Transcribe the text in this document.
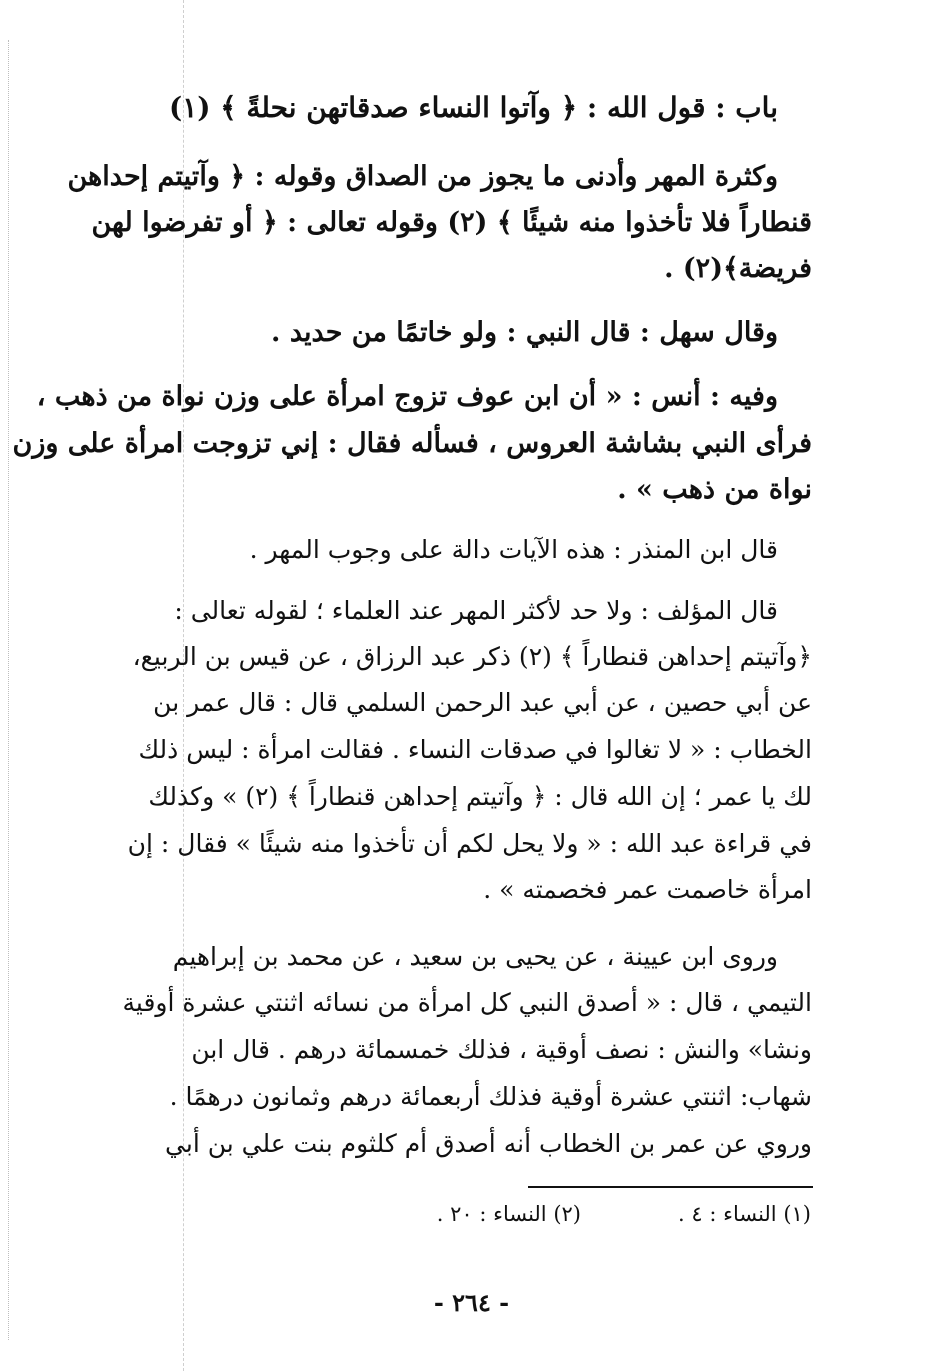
باب : قول الله : ﴿ وآتوا النساء صدقاتهن نحلةً ﴾ (١)

وكثرة المهر وأدنى ما يجوز من الصداق وقوله : ﴿ وآتيتم إحداهن

قنطاراً فلا تأخذوا منه شيئًا ﴾ (٢) وقوله تعالى : ﴿ أو تفرضوا لهن

فريضة﴾(٢) .

وقال سهل : قال النبي : ولو خاتمًا من حديد .

وفيه : أنس : « أن ابن عوف تزوج امرأة على وزن نواة من ذهب ،

فرأى النبي بشاشة العروس ، فسأله فقال : إني تزوجت امرأة على وزن

نواة من ذهب » .

قال ابن المنذر : هذه الآيات دالة على وجوب المهر .

قال المؤلف : ولا حد لأكثر المهر عند العلماء ؛ لقوله تعالى :

﴿وآتيتم إحداهن قنطاراً ﴾ (٢) ذكر عبد الرزاق ، عن قيس بن الربيع،

عن أبي حصين ، عن أبي عبد الرحمن السلمي قال : قال عمر بن

الخطاب : « لا تغالوا في صدقات النساء . فقالت امرأة : ليس ذلك

لك يا عمر ؛ إن الله قال : ﴿ وآتيتم إحداهن قنطاراً ﴾ (٢) » وكذلك

في قراءة عبد الله : « ولا يحل لكم أن تأخذوا منه شيئًا » فقال : إن

امرأة خاصمت عمر فخصمته » .

وروى ابن عيينة ، عن يحيى بن سعيد ، عن محمد بن إبراهيم

التيمي ، قال : « أصدق النبي كل امرأة من نسائه اثنتي عشرة أوقية

ونشا» والنش : نصف أوقية ، فذلك خمسمائة درهم . قال ابن

شهاب: اثنتي عشرة أوقية فذلك أربعمائة درهم وثمانون درهمًا .

وروي عن عمر بن الخطاب أنه أصدق أم كلثوم بنت علي بن أبي

(١) النساء : ٤ .

(٢) النساء : ٢٠ .

- ٢٦٤ -
